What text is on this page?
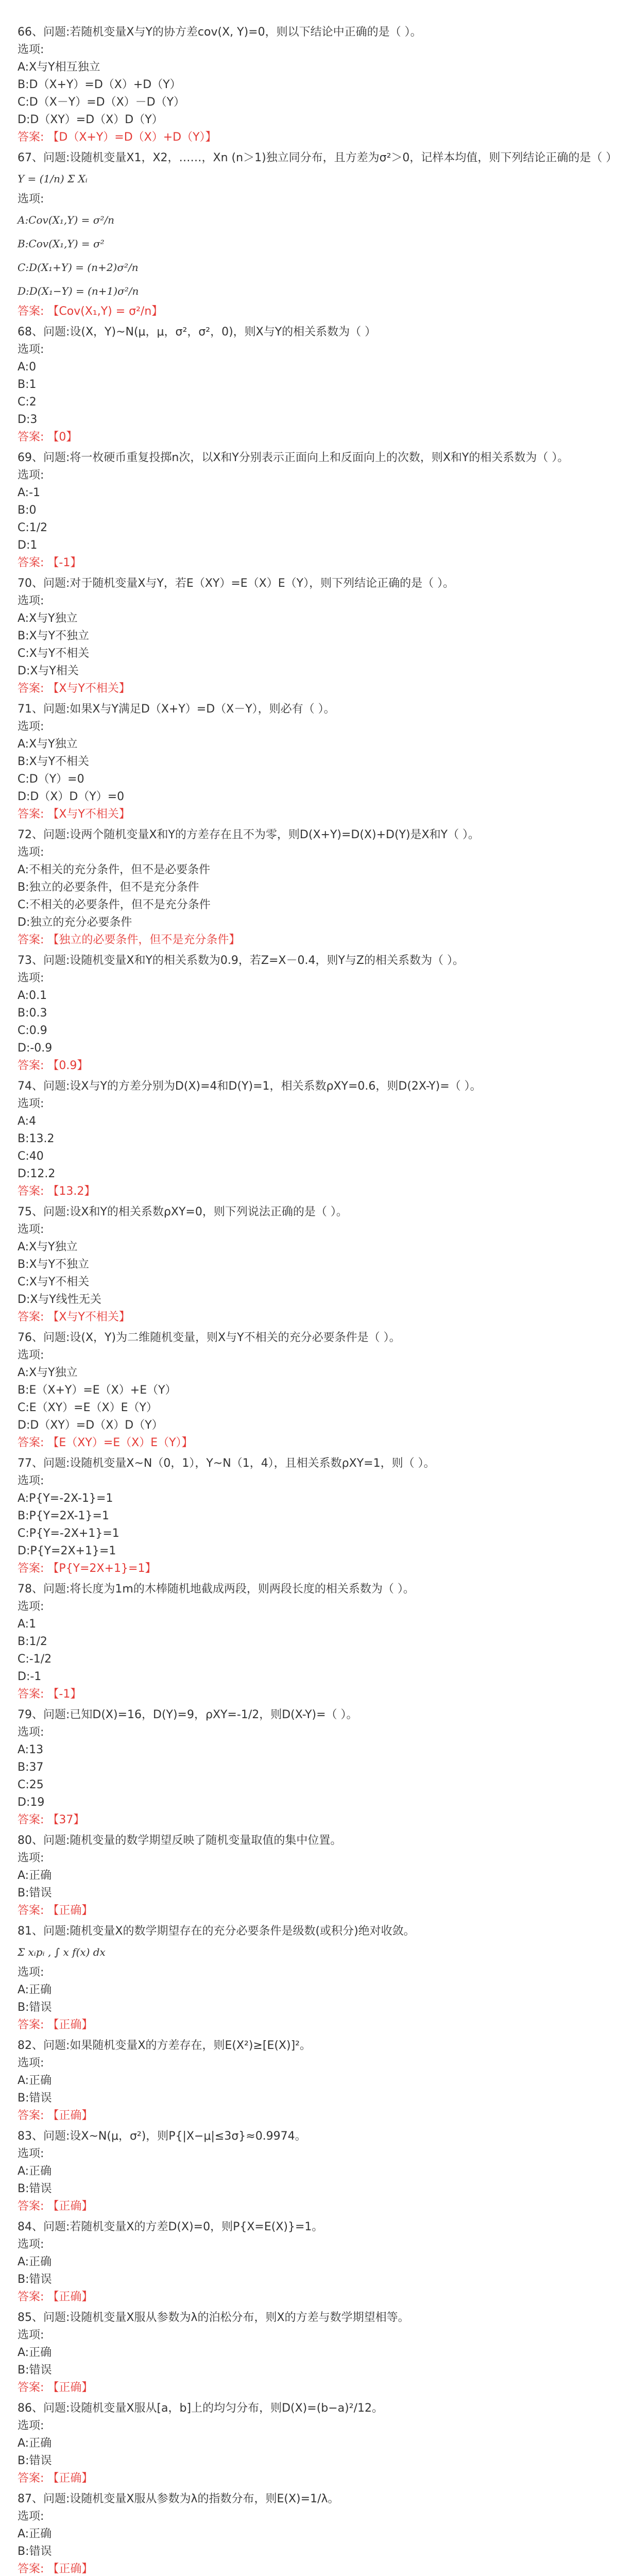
66、问题:若随机变量X与Y的协方差cov(X, Y)=0，则以下结论中正确的是（ ）。
选项:
A:X与Y相互独立
B:D（X+Y）=D（X）+D（Y）
C:D（X－Y）=D（X）－D（Y）
D:D（XY）=D（X）D（Y）
答案: 【D（X+Y）=D（X）+D（Y）】
67、问题:设随机变量X1，X2，……，Xn (n＞1)独立同分布，且方差为σ²＞0，记样本均值，则下列结论正确的是（ ）
Y = (1/n) Σ Xᵢ
选项:
A:Cov(X₁,Y) = σ²/n
B:Cov(X₁,Y) = σ²
C:D(X₁+Y) = (n+2)σ²/n
D:D(X₁−Y) = (n+1)σ²/n
答案: 【Cov(X₁,Y) = σ²/n】
68、问题:设(X，Y)~N(μ，μ，σ²，σ²，0)，则X与Y的相关系数为（ ）
选项:
A:0
B:1
C:2
D:3
答案: 【0】
69、问题:将一枚硬币重复投掷n次，以X和Y分别表示正面向上和反面向上的次数，则X和Y的相关系数为（ ）。
选项:
A:-1
B:0
C:1/2
D:1
答案: 【-1】
70、问题:对于随机变量X与Y，若E（XY）=E（X）E（Y），则下列结论正确的是（ ）。
选项:
A:X与Y独立
B:X与Y不独立
C:X与Y不相关
D:X与Y相关
答案: 【X与Y不相关】
71、问题:如果X与Y满足D（X+Y）=D（X－Y），则必有（ ）。
选项:
A:X与Y独立
B:X与Y不相关
C:D（Y）=0
D:D（X）D（Y）=0
答案: 【X与Y不相关】
72、问题:设两个随机变量X和Y的方差存在且不为零，则D(X+Y)=D(X)+D(Y)是X和Y（ ）。
选项:
A:不相关的充分条件，但不是必要条件
B:独立的必要条件，但不是充分条件
C:不相关的必要条件，但不是充分条件
D:独立的充分必要条件
答案: 【独立的必要条件，但不是充分条件】
73、问题:设随机变量X和Y的相关系数为0.9，若Z=X－0.4，则Y与Z的相关系数为（ ）。
选项:
A:0.1
B:0.3
C:0.9
D:-0.9
答案: 【0.9】
74、问题:设X与Y的方差分别为D(X)=4和D(Y)=1，相关系数ρXY=0.6，则D(2X-Y)=（ ）。
选项:
A:4
B:13.2
C:40
D:12.2
答案: 【13.2】
75、问题:设X和Y的相关系数ρXY=0，则下列说法正确的是（ ）。
选项:
A:X与Y独立
B:X与Y不独立
C:X与Y不相关
D:X与Y线性无关
答案: 【X与Y不相关】
76、问题:设(X，Y)为二维随机变量，则X与Y不相关的充分必要条件是（ ）。
选项:
A:X与Y独立
B:E（X+Y）=E（X）+E（Y）
C:E（XY）=E（X）E（Y）
D:D（XY）=D（X）D（Y）
答案: 【E（XY）=E（X）E（Y）】
77、问题:设随机变量X~N（0，1），Y~N（1，4），且相关系数ρXY=1，则（ ）。
选项:
A:P{Y=-2X-1}=1
B:P{Y=2X-1}=1
C:P{Y=-2X+1}=1
D:P{Y=2X+1}=1
答案: 【P{Y=2X+1}=1】
78、问题:将长度为1m的木棒随机地截成两段，则两段长度的相关系数为（ ）。
选项:
A:1
B:1/2
C:-1/2
D:-1
答案: 【-1】
79、问题:已知D(X)=16，D(Y)=9，ρXY=-1/2，则D(X-Y)=（ ）。
选项:
A:13
B:37
C:25
D:19
答案: 【37】
80、问题:随机变量的数学期望反映了随机变量取值的集中位置。
选项:
A:正确
B:错误
答案: 【正确】
81、问题:随机变量X的数学期望存在的充分必要条件是级数(或积分)绝对收敛。
Σ xᵢpᵢ , ∫ x f(x) dx
选项:
A:正确
B:错误
答案: 【正确】
82、问题:如果随机变量X的方差存在，则E(X²)≥[E(X)]²。
选项:
A:正确
B:错误
答案: 【正确】
83、问题:设X~N(μ，σ²)，则P{|X−μ|≤3σ}≈0.9974。
选项:
A:正确
B:错误
答案: 【正确】
84、问题:若随机变量X的方差D(X)=0，则P{X=E(X)}=1。
选项:
A:正确
B:错误
答案: 【正确】
85、问题:设随机变量X服从参数为λ的泊松分布，则X的方差与数学期望相等。
选项:
A:正确
B:错误
答案: 【正确】
86、问题:设随机变量X服从[a，b]上的均匀分布，则D(X)=(b−a)²/12。
选项:
A:正确
B:错误
答案: 【正确】
87、问题:设随机变量X服从参数为λ的指数分布，则E(X)=1/λ。
选项:
A:正确
B:错误
答案: 【正确】
